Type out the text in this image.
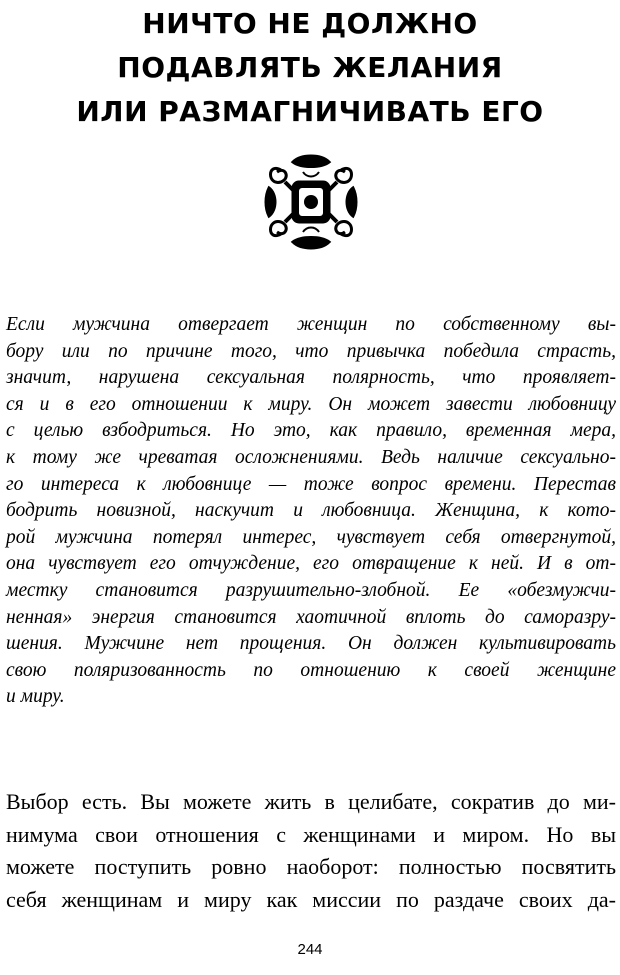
НИЧТО НЕ ДОЛЖНО
ПОДАВЛЯТЬ ЖЕЛАНИЯ
ИЛИ РАЗМАГНИЧИВАТЬ ЕГО
Если мужчина отвергает женщин по собственному вы-
бору или по причине того, что привычка победила страсть,
значит, нарушена сексуальная полярность, что проявляет-
ся и в его отношении к миру. Он может завести любовницу
с целью взбодриться. Но это, как правило, временная мера,
к тому же чреватая осложнениями. Ведь наличие сексуально-
го интереса к любовнице — тоже вопрос времени. Перестав
бодрить новизной, наскучит и любовница. Женщина, к кото-
рой мужчина потерял интерес, чувствует себя отвергнутой,
она чувствует его отчуждение, его отвращение к ней. И в от-
местку становится разрушительно-злобной. Ее «обезмужчи-
ненная» энергия становится хаотичной вплоть до саморазру-
шения. Мужчине нет прощения. Он должен культивировать
свою поляризованность по отношению к своей женщине
и миру.
Выбор есть. Вы можете жить в целибате, сократив до ми-
нимума свои отношения с женщинами и миром. Но вы
можете поступить ровно наоборот: полностью посвятить
себя женщинам и миру как миссии по раздаче своих да-
244
